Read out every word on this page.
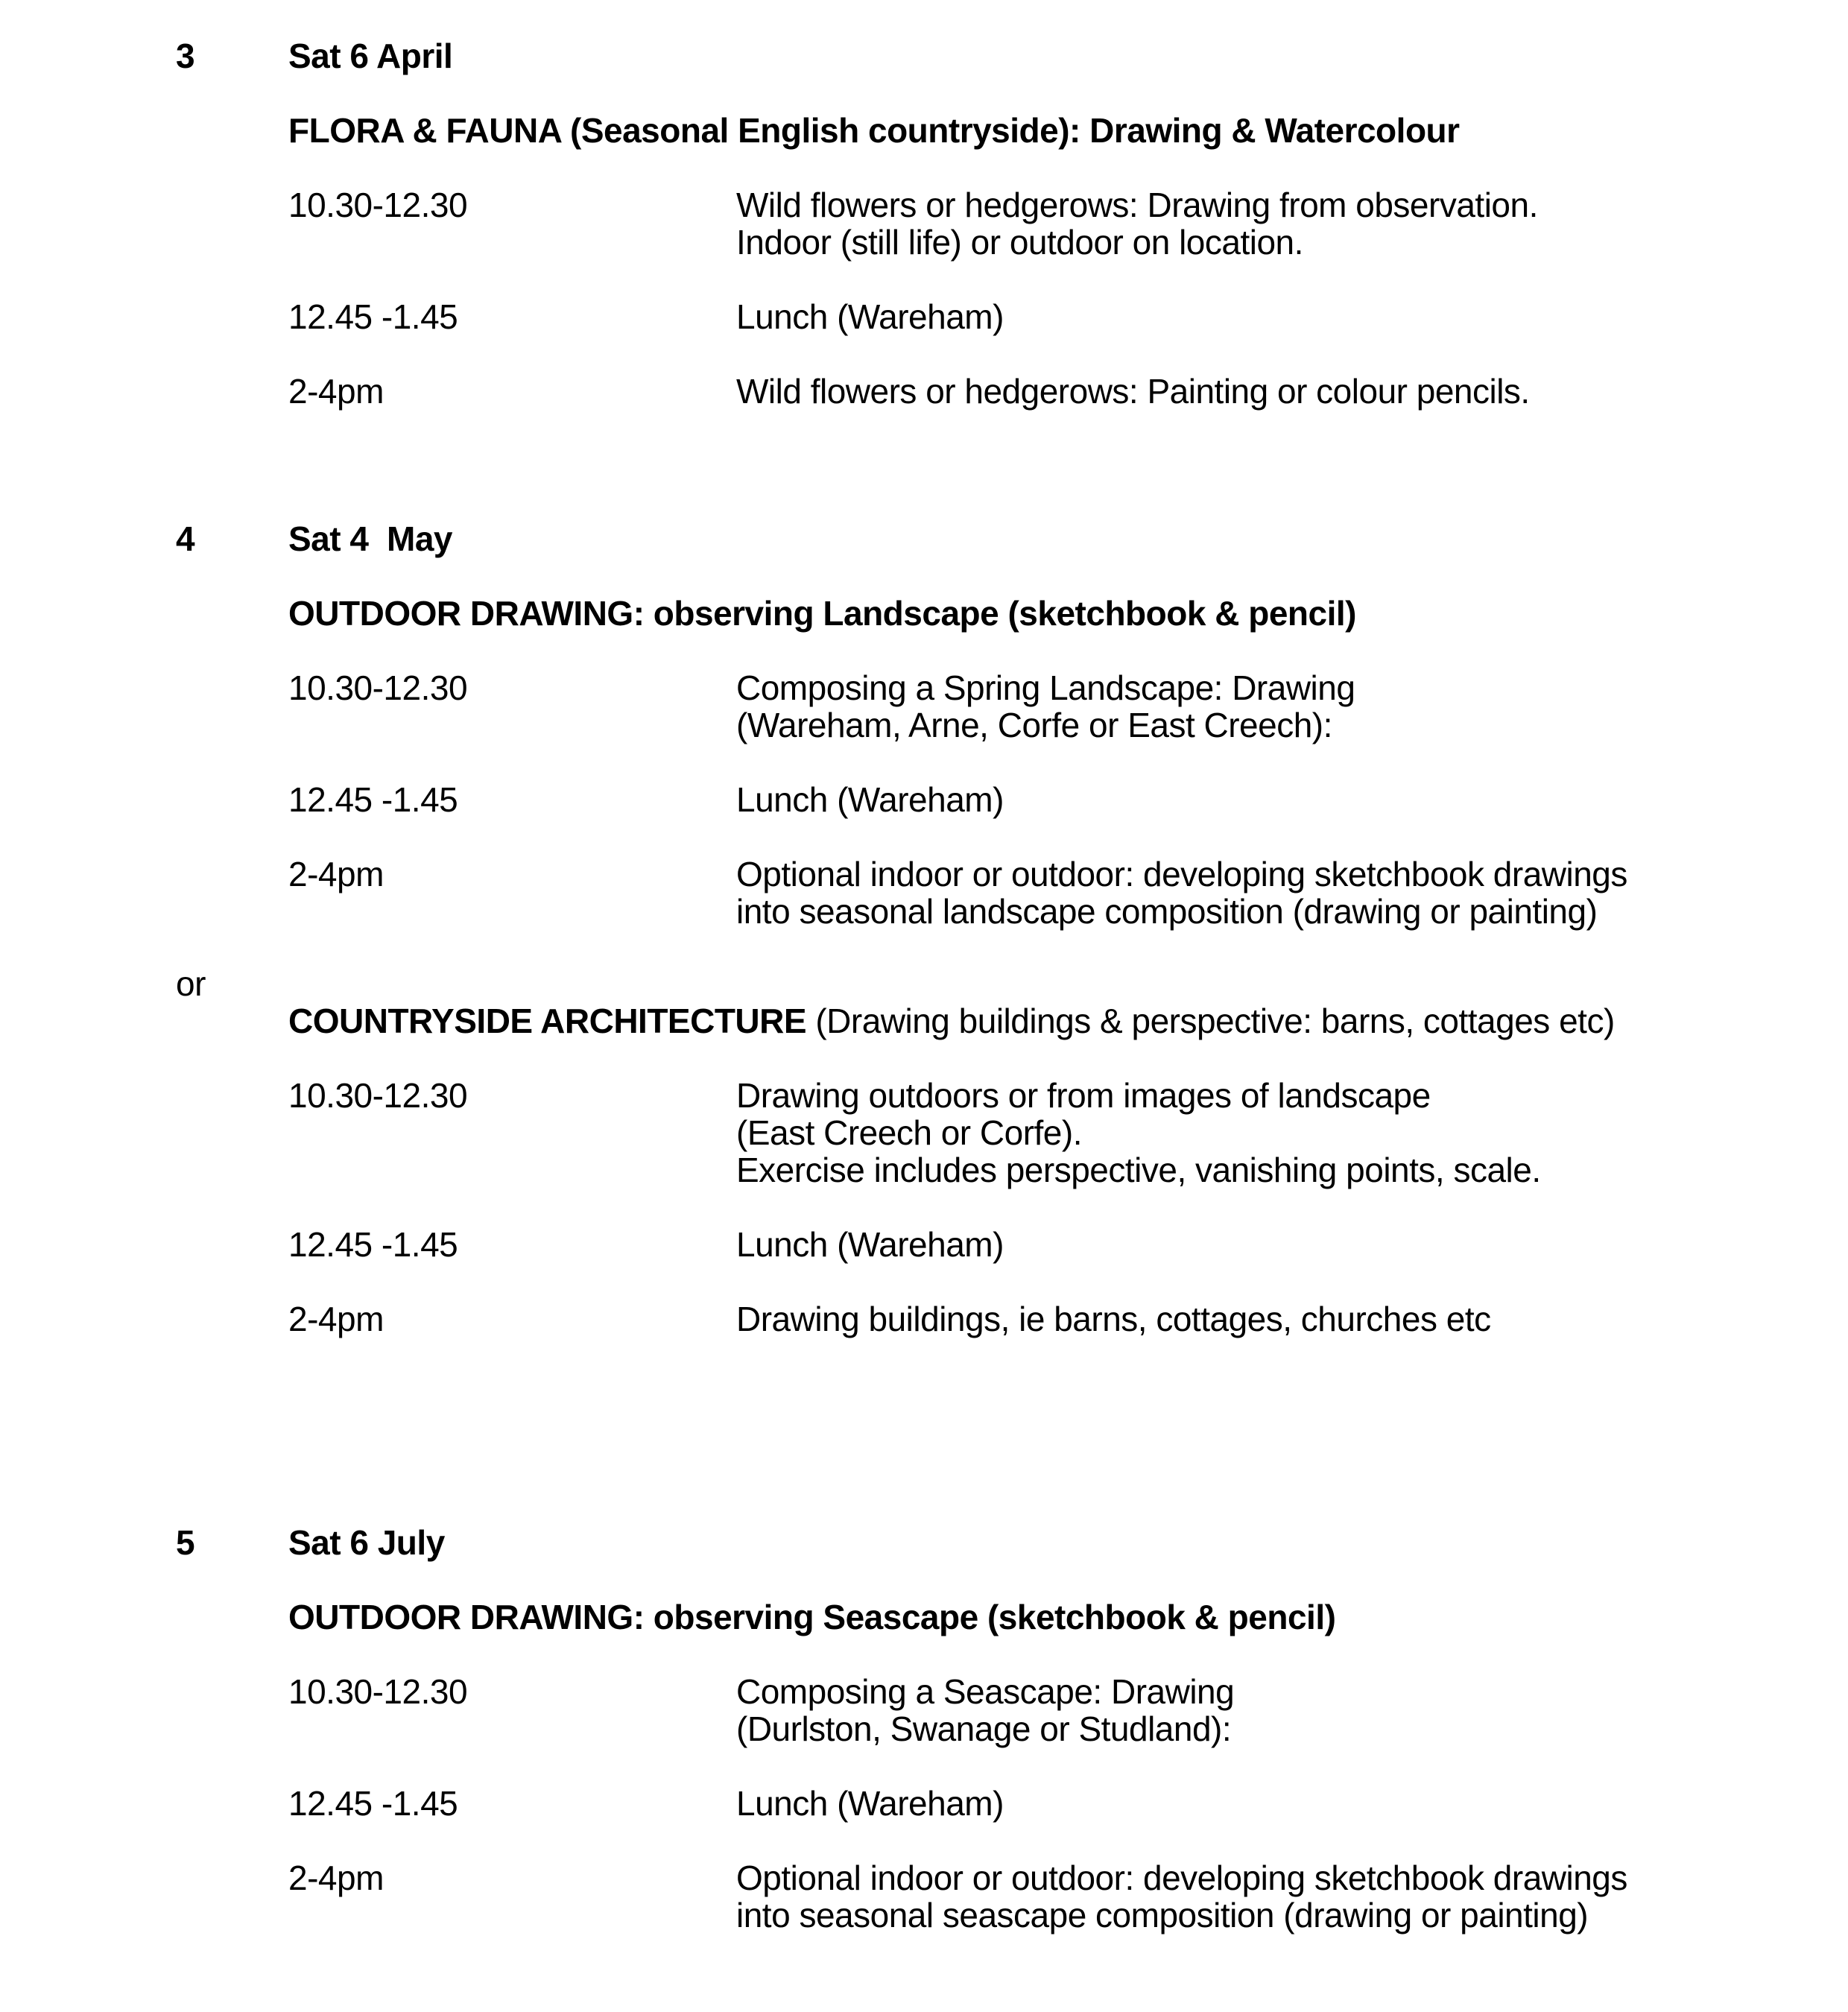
3	Sat 6 April
FLORA & FAUNA (Seasonal English countryside): Drawing & Watercolour
10.30-12.30	Wild flowers or hedgerows: Drawing from observation.
Indoor (still life) or outdoor on location.
12.45 -1.45	Lunch (Wareham)
2-4pm	Wild flowers or hedgerows: Painting or colour pencils.
4	Sat 4  May
OUTDOOR DRAWING: observing Landscape (sketchbook & pencil)
10.30-12.30	Composing a Spring Landscape: Drawing
(Wareham, Arne, Corfe or East Creech):
12.45 -1.45	Lunch (Wareham)
2-4pm	Optional indoor or outdoor: developing sketchbook drawings
into seasonal landscape composition (drawing or painting)
or
COUNTRYSIDE ARCHITECTURE (Drawing buildings & perspective: barns, cottages etc)
10.30-12.30	Drawing outdoors or from images of landscape
(East Creech or Corfe).
Exercise includes perspective, vanishing points, scale.
12.45 -1.45	Lunch (Wareham)
2-4pm	Drawing buildings, ie barns, cottages, churches etc
5	Sat 6 July
OUTDOOR DRAWING: observing Seascape (sketchbook & pencil)
10.30-12.30	Composing a Seascape: Drawing
(Durlston, Swanage or Studland):
12.45 -1.45	Lunch (Wareham)
2-4pm	Optional indoor or outdoor: developing sketchbook drawings
into seasonal seascape composition (drawing or painting)
